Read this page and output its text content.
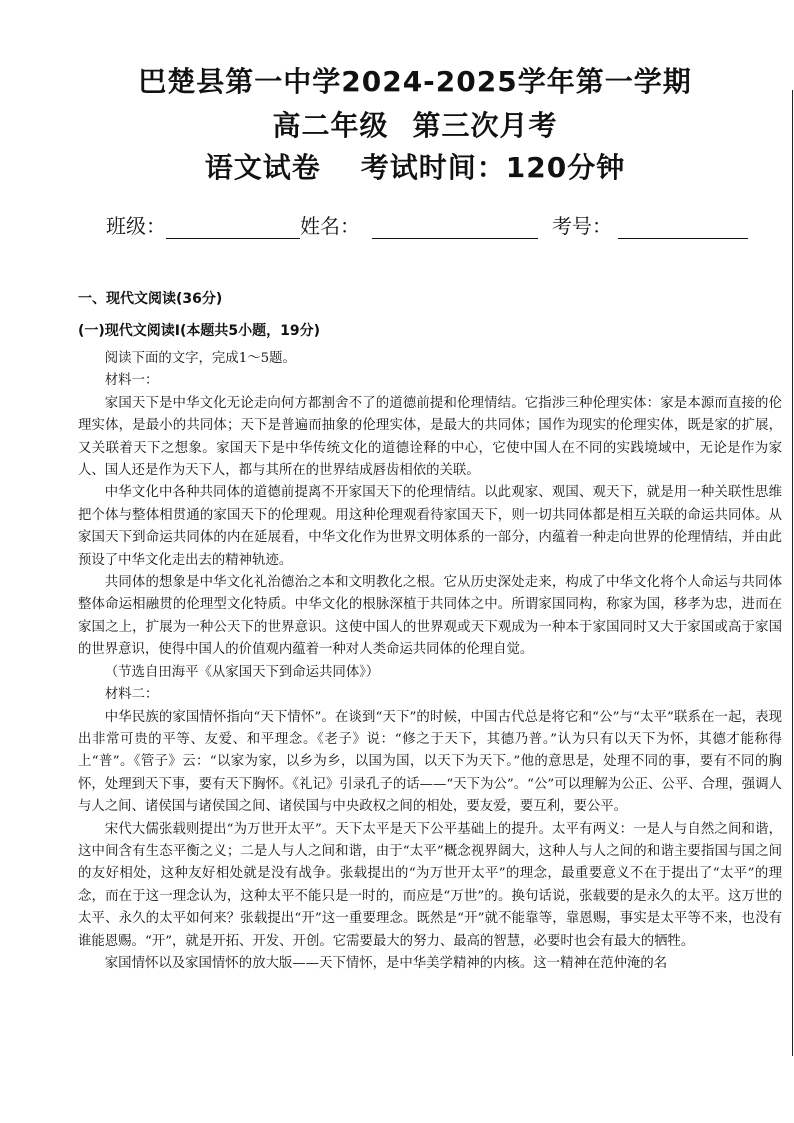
巴楚县第一中学2024-2025学年第一学期
高二年级 第三次月考
语文试卷 考试时间：120分钟
班级：	姓名：	考号：
一、现代文阅读(36分)
(一)现代文阅读Ⅰ(本题共5小题，19分)

阅读下面的文字，完成1～5题。

材料一：

家国天下是中华文化无论走向何方都割舍不了的道德前提和伦理情结。它指涉三种伦理实体：家是本源而直接的伦理实体，是最小的共同体；天下是普遍而抽象的伦理实体，是最大的共同体；国作为现实的伦理实体，既是家的扩展，又关联着天下之想象。家国天下是中华传统文化的道德诠释的中心，它使中国人在不同的实践境域中，无论是作为家人、国人还是作为天下人，都与其所在的世界结成唇齿相依的关联。

中华文化中各种共同体的道德前提离不开家国天下的伦理情结。以此观家、观国、观天下，就是用一种关联性思维把个体与整体相贯通的家国天下的伦理观。用这种伦理观看待家国天下，则一切共同体都是相互关联的命运共同体。从家国天下到命运共同体的内在延展看，中华文化作为世界文明体系的一部分，内蕴着一种走向世界的伦理情结，并由此预设了中华文化走出去的精神轨迹。

共同体的想象是中华文化礼治德治之本和文明教化之根。它从历史深处走来，构成了中华文化将个人命运与共同体整体命运相融贯的伦理型文化特质。中华文化的根脉深植于共同体之中。所谓家国同构，称家为国，移孝为忠，进而在家国之上，扩展为一种公天下的世界意识。这使中国人的世界观或天下观成为一种本于家国同时又大于家国或高于家国的世界意识，使得中国人的价值观内蕴着一种对人类命运共同体的伦理自觉。

（节选自田海平《从家国天下到命运共同体》）

材料二：

中华民族的家国情怀指向“天下情怀”。在谈到“天下”的时候，中国古代总是将它和“公”与“太平”联系在一起，表现出非常可贵的平等、友爱、和平理念。《老子》说：“修之于天下，其德乃普。”认为只有以天下为怀，其德才能称得上“普”。《管子》云：“以家为家，以乡为乡，以国为国，以天下为天下。”他的意思是，处理不同的事，要有不同的胸怀，处理到天下事，要有天下胸怀。《礼记》引录孔子的话——“天下为公”。“公”可以理解为公正、公平、合理，强调人与人之间、诸侯国与诸侯国之间、诸侯国与中央政权之间的相处，要友爱，要互利，要公平。

宋代大儒张载则提出“为万世开太平”。天下太平是天下公平基础上的提升。太平有两义：一是人与自然之间和谐，这中间含有生态平衡之义；二是人与人之间和谐，由于“太平”概念视界阔大，这种人与人之间的和谐主要指国与国之间的友好相处，这种友好相处就是没有战争。张载提出的“为万世开太平”的理念，最重要意义不在于提出了“太平”的理念，而在于这一理念认为，这种太平不能只是一时的，而应是“万世”的。换句话说，张载要的是永久的太平。这万世的太平、永久的太平如何来？张载提出“开”这一重要理念。既然是“开”就不能靠等，靠恩赐，事实是太平等不来，也没有谁能恩赐。“开”，就是开拓、开发、开创。它需要最大的努力、最高的智慧，必要时也会有最大的牺牲。

家国情怀以及家国情怀的放大版——天下情怀，是中华美学精神的内核。这一精神在范仲淹的名
